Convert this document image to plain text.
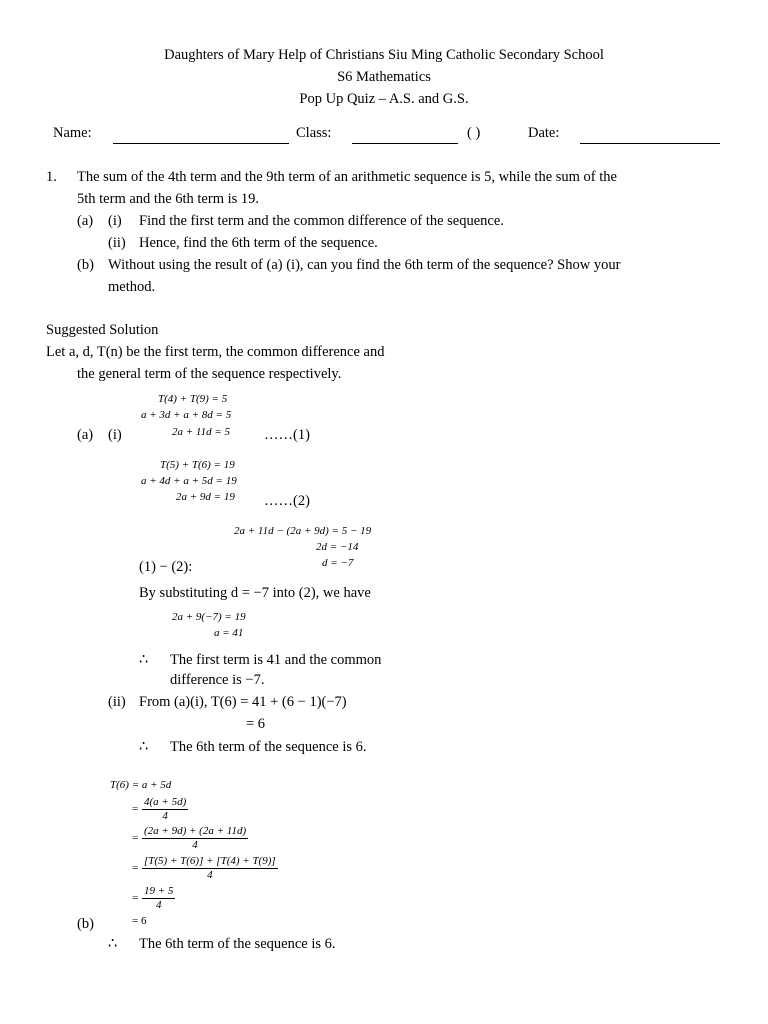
Daughters of Mary Help of Christians Siu Ming Catholic Secondary School
S6 Mathematics
Pop Up Quiz – A.S. and G.S.
Name:	Class:	( )	Date:
1. The sum of the 4th term and the 9th term of an arithmetic sequence is 5, while the sum of the
5th term and the 6th term is 19.
(a) (i) Find the first term and the common difference of the sequence.
(ii) Hence, find the 6th term of the sequence.
(b) Without using the result of (a) (i), can you find the 6th term of the sequence? Show your
method.
Suggested Solution
Let a, d, T(n) be the first term, the common difference and
the general term of the sequence respectively.
T(4) + T(9) = 5
a + 3d + a + 8d = 5
(a) (i)	2a + 11d = 5 ……(1)
T(5) + T(6) = 19
a + 4d + a + 5d = 19
2a + 9d = 19 ……(2)
2a + 11d − (2a + 9d) = 5 − 19
2d = −14
(1) − (2):	d = −7
By substituting d = −7 into (2), we have
2a + 9(−7) = 19
a = 41
∴ The first term is 41 and the common
difference is −7.
(ii) From (a)(i), T(6) = 41 + (6 − 1)(−7)
= 6
∴ The 6th term of the sequence is 6.
T(6) = a + 5d
=
4(a + 5d)
4
=
(2a + 9d) + (2a + 11d)
4
=
[T(5) + T(6)] + [T(4) + T(9)]
4
=
19 + 5
4
(b)	= 6
∴ The 6th term of the sequence is 6.
